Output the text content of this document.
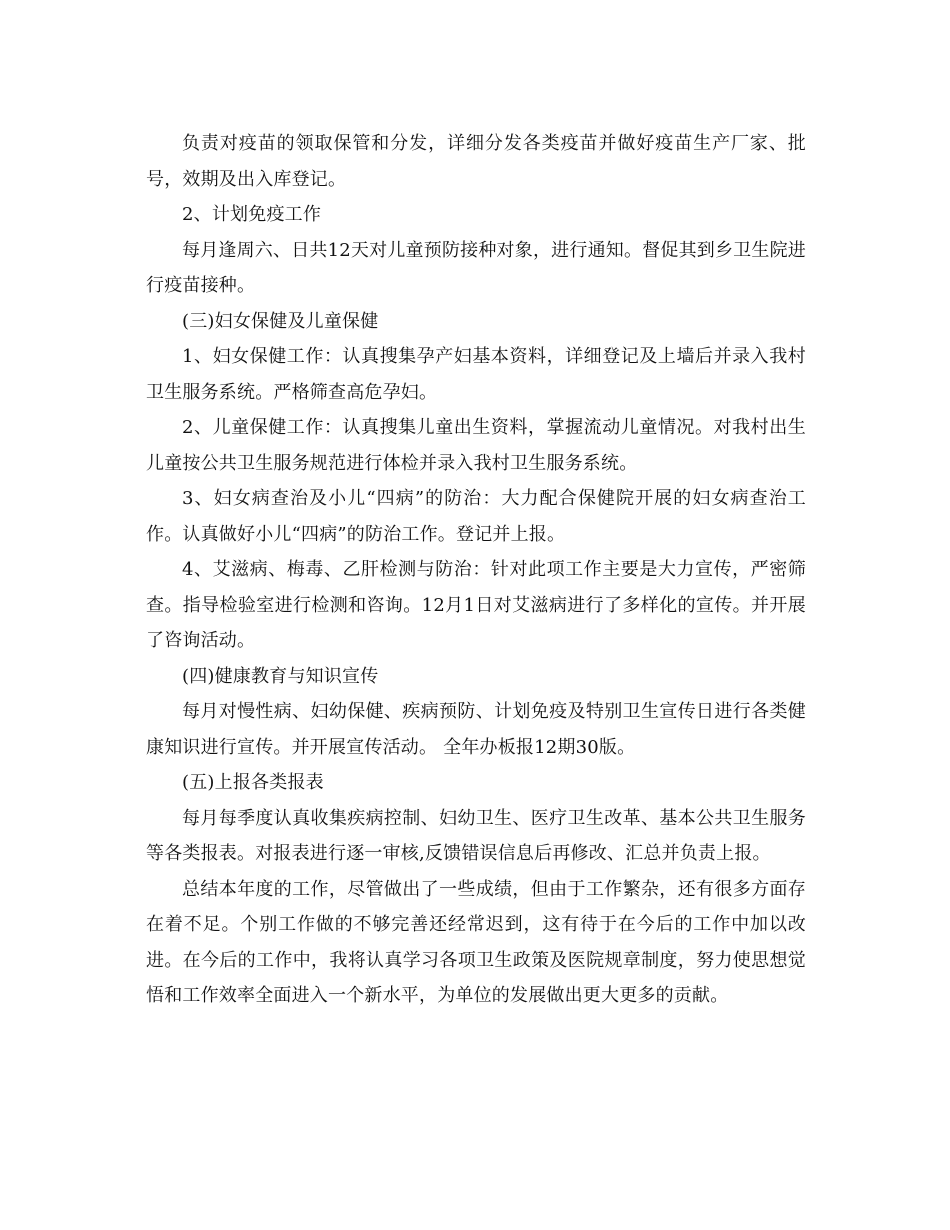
负责对疫苗的领取保管和分发，详细分发各类疫苗并做好疫苗生产厂家、批号，效期及出入库登记。

2、计划免疫工作

每月逢周六、日共12天对儿童预防接种对象，进行通知。督促其到乡卫生院进行疫苗接种。

(三)妇女保健及儿童保健

1、妇女保健工作：认真搜集孕产妇基本资料，详细登记及上墙后并录入我村卫生服务系统。严格筛查高危孕妇。

2、儿童保健工作：认真搜集儿童出生资料，掌握流动儿童情况。对我村出生儿童按公共卫生服务规范进行体检并录入我村卫生服务系统。

3、妇女病查治及小儿“四病”的防治：大力配合保健院开展的妇女病查治工作。认真做好小儿“四病”的防治工作。登记并上报。

4、艾滋病、梅毒、乙肝检测与防治：针对此项工作主要是大力宣传，严密筛查。指导检验室进行检测和咨询。12月1日对艾滋病进行了多样化的宣传。并开展了咨询活动。

(四)健康教育与知识宣传

每月对慢性病、妇幼保健、疾病预防、计划免疫及特别卫生宣传日进行各类健康知识进行宣传。并开展宣传活动。 全年办板报12期30版。

(五)上报各类报表

每月每季度认真收集疾病控制、妇幼卫生、医疗卫生改革、基本公共卫生服务等各类报表。对报表进行逐一审核,反馈错误信息后再修改、汇总并负责上报。

总结本年度的工作，尽管做出了一些成绩，但由于工作繁杂，还有很多方面存在着不足。个别工作做的不够完善还经常迟到，这有待于在今后的工作中加以改进。在今后的工作中，我将认真学习各项卫生政策及医院规章制度，努力使思想觉悟和工作效率全面进入一个新水平，为单位的发展做出更大更多的贡献。
